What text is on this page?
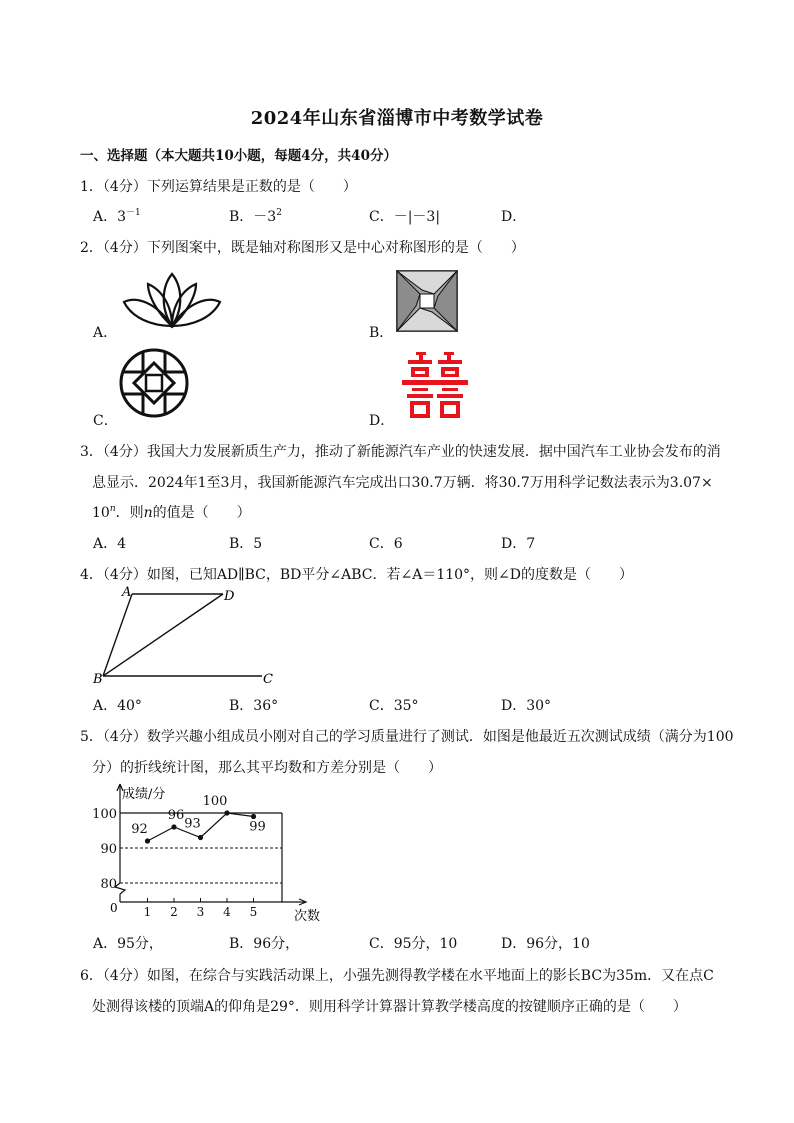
2024年山东省淄博市中考数学试卷
一、选择题（本大题共10小题，每题4分，共40分）
1．（4分）下列运算结果是正数的是（　　）
A．$3^{-1}$	B．$-3^2$	C．－|－3|	D．
2．（4分）下列图案中，既是轴对称图形又是中心对称图形的是（　　）
A．	B．
C．	D．
3．（4分）我国大力发展新质生产力，推动了新能源汽车产业的快速发展．据中国汽车工业协会发布的消
息显示．2024年1至3月，我国新能源汽车完成出口30.7万辆．将30.7万用科学记数法表示为3.07×
$10^n$．则n的值是（　　）
A．4	B．5	C．6	D．7
4．（4分）如图，已知AD∥BC，BD平分∠ABC．若∠A＝110°，则∠D的度数是（　　）
A	D
B	C
A．40°	B．36°	C．35°	D．30°
5．（4分）数学兴趣小组成员小刚对自己的学习质量进行了测试．如图是他最近五次测试成绩（满分为100
分）的折线统计图，那么其平均数和方差分别是（　　）
80
90
100
1 2 3 4 5
92
96
93
100
99
成绩/分
次数
0
A．95分，	B．96分，	C．95分，10	D．96分，10
6．（4分）如图，在综合与实践活动课上，小强先测得教学楼在水平地面上的影长BC为35m．又在点C
处测得该楼的顶端A的仰角是29°．则用科学计算器计算教学楼高度的按键顺序正确的是（　　）
